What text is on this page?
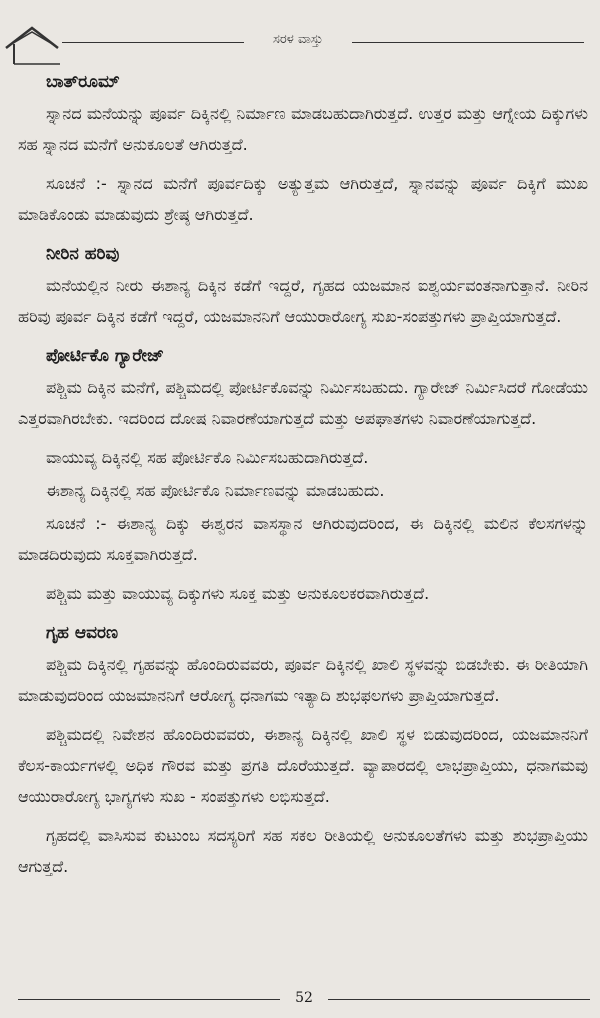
ಸರಳ ವಾಸ್ತು
ಬಾತ್‌ರೂಮ್

ಸ್ನಾನದ ಮನೆಯನ್ನು ಪೂರ್ವ ದಿಕ್ಕಿನಲ್ಲಿ ನಿರ್ಮಾಣ ಮಾಡಬಹುದಾಗಿರುತ್ತದೆ. ಉತ್ತರ ಮತ್ತು ಆಗ್ನೇಯ ದಿಕ್ಕುಗಳು ಸಹ ಸ್ನಾನದ ಮನೆಗೆ ಅನುಕೂಲತೆ ಆಗಿರುತ್ತದೆ.

ಸೂಚನೆ :- ಸ್ನಾನದ ಮನೆಗೆ ಪೂರ್ವದಿಕ್ಕು ಅತ್ಯುತ್ತಮ ಆಗಿರುತ್ತದೆ, ಸ್ನಾನವನ್ನು ಪೂರ್ವ ದಿಕ್ಕಿಗೆ ಮುಖ ಮಾಡಿಕೊಂಡು ಮಾಡುವುದು ಶ್ರೇಷ್ಠ ಆಗಿರುತ್ತದೆ.

ನೀರಿನ ಹರಿವು

ಮನೆಯಲ್ಲಿನ ನೀರು ಈಶಾನ್ಯ ದಿಕ್ಕಿನ ಕಡೆಗೆ ಇದ್ದರೆ, ಗೃಹದ ಯಜಮಾನ ಐಶ್ವರ್ಯವಂತನಾಗುತ್ತಾನೆ. ನೀರಿನ ಹರಿವು ಪೂರ್ವ ದಿಕ್ಕಿನ ಕಡೆಗೆ ಇದ್ದರೆ, ಯಜಮಾನನಿಗೆ ಆಯುರಾರೋಗ್ಯ ಸುಖ-ಸಂಪತ್ತುಗಳು ಪ್ರಾಪ್ತಿಯಾಗುತ್ತದೆ.

ಪೋರ್ಟಿಕೊ ಗ್ಯಾರೇಜ್

ಪಶ್ಚಿಮ ದಿಕ್ಕಿನ ಮನೆಗೆ, ಪಶ್ಚಿಮದಲ್ಲಿ ಪೋರ್ಟಿಕೊವನ್ನು ನಿರ್ಮಿಸಬಹುದು. ಗ್ಯಾರೇಜ್ ನಿರ್ಮಿಸಿದರೆ ಗೋಡೆಯು ಎತ್ತರವಾಗಿರಬೇಕು. ಇದರಿಂದ ದೋಷ ನಿವಾರಣೆಯಾಗುತ್ತದೆ ಮತ್ತು ಅಪಘಾತಗಳು ನಿವಾರಣೆಯಾಗುತ್ತದೆ.

ವಾಯುವ್ಯ ದಿಕ್ಕಿನಲ್ಲಿ ಸಹ ಪೋರ್ಟಿಕೊ ನಿರ್ಮಿಸಬಹುದಾಗಿರುತ್ತದೆ.

ಈಶಾನ್ಯ ದಿಕ್ಕಿನಲ್ಲಿ ಸಹ ಪೋರ್ಟಿಕೊ ನಿರ್ಮಾಣವನ್ನು ಮಾಡಬಹುದು.

ಸೂಚನೆ :- ಈಶಾನ್ಯ ದಿಕ್ಕು ಈಶ್ವರನ ವಾಸಸ್ಥಾನ ಆಗಿರುವುದರಿಂದ, ಈ ದಿಕ್ಕಿನಲ್ಲಿ ಮಲಿನ ಕೆಲಸಗಳನ್ನು ಮಾಡದಿರುವುದು ಸೂಕ್ತವಾಗಿರುತ್ತದೆ.

ಪಶ್ಚಿಮ ಮತ್ತು ವಾಯುವ್ಯ ದಿಕ್ಕುಗಳು ಸೂಕ್ತ ಮತ್ತು ಅನುಕೂಲಕರವಾಗಿರುತ್ತದೆ.

ಗೃಹ ಆವರಣ

ಪಶ್ಚಿಮ ದಿಕ್ಕಿನಲ್ಲಿ ಗೃಹವನ್ನು ಹೊಂದಿರುವವರು, ಪೂರ್ವ ದಿಕ್ಕಿನಲ್ಲಿ ಖಾಲಿ ಸ್ಥಳವನ್ನು ಬಿಡಬೇಕು. ಈ ರೀತಿಯಾಗಿ ಮಾಡುವುದರಿಂದ ಯಜಮಾನನಿಗೆ ಆರೋಗ್ಯ ಧನಾಗಮ ಇತ್ಯಾದಿ ಶುಭಫಲಗಳು ಪ್ರಾಪ್ತಿಯಾಗುತ್ತದೆ.

ಪಶ್ಚಿಮದಲ್ಲಿ ನಿವೇಶನ ಹೊಂದಿರುವವರು, ಈಶಾನ್ಯ ದಿಕ್ಕಿನಲ್ಲಿ ಖಾಲಿ ಸ್ಥಳ ಬಿಡುವುದರಿಂದ, ಯಜಮಾನನಿಗೆ ಕೆಲಸ-ಕಾರ್ಯಗಳಲ್ಲಿ ಅಧಿಕ ಗೌರವ ಮತ್ತು ಪ್ರಗತಿ ದೊರೆಯುತ್ತದೆ. ವ್ಯಾಪಾರದಲ್ಲಿ ಲಾಭಪ್ರಾಪ್ತಿಯು, ಧನಾಗಮವು ಆಯುರಾರೋಗ್ಯ ಭಾಗ್ಯಗಳು ಸುಖ - ಸಂಪತ್ತುಗಳು ಲಭಿಸುತ್ತದೆ.

ಗೃಹದಲ್ಲಿ ವಾಸಿಸುವ ಕುಟುಂಬ ಸದಸ್ಯರಿಗೆ ಸಹ ಸಕಲ ರೀತಿಯಲ್ಲಿ ಅನುಕೂಲತೆಗಳು ಮತ್ತು ಶುಭಪ್ರಾಪ್ತಿಯು ಆಗುತ್ತದೆ.

52
